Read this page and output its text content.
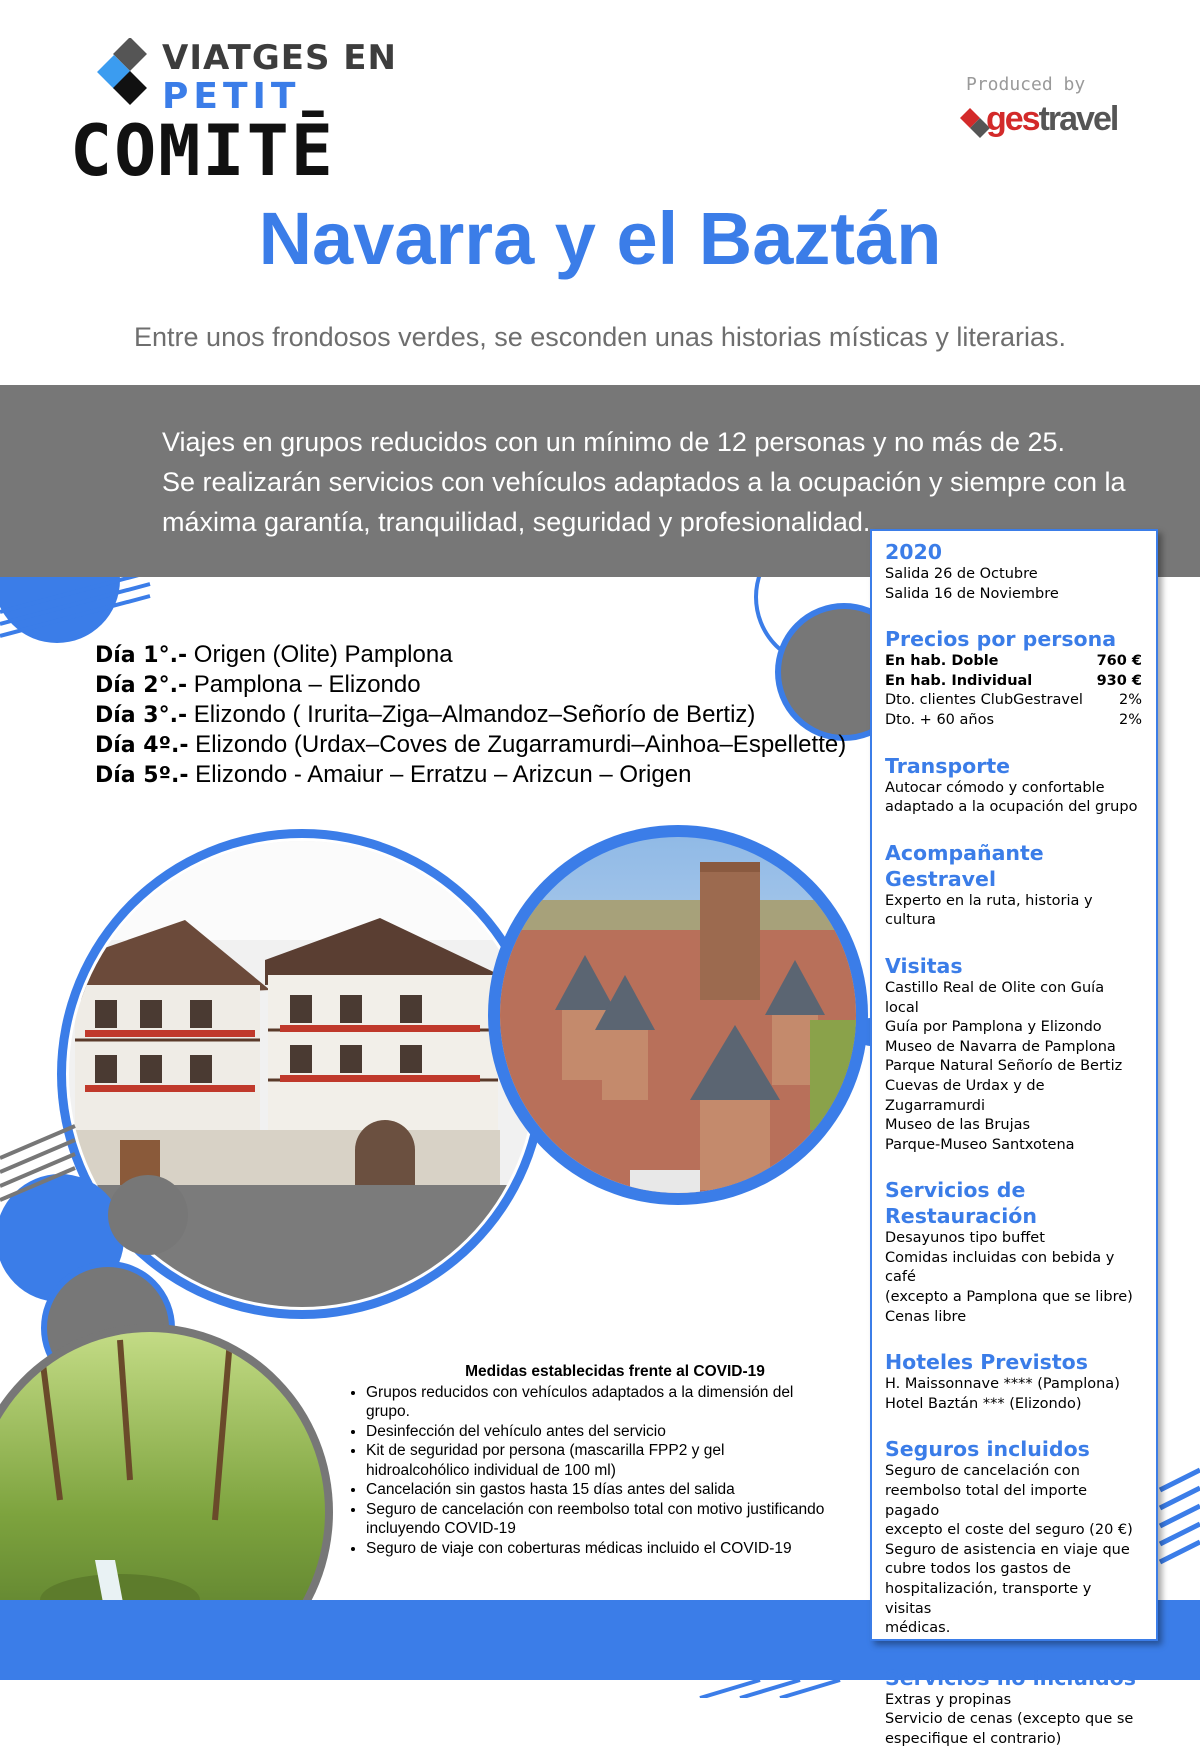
VIATGES EN
PETIT
COMITĒ
Produced by
gestravel
Navarra y el Baztán
Entre unos frondosos verdes, se esconden unas historias místicas y literarias.
Viajes en grupos reducidos con un mínimo de 12 personas y no más de 25.
Se realizarán servicios con vehículos adaptados a la ocupación y siempre con la
máxima garantía, tranquilidad, seguridad y profesionalidad.
Día 1°.- Origen (Olite) Pamplona
Día 2°.- Pamplona – Elizondo
Día 3°.- Elizondo ( Irurita–Ziga–Almandoz–Señorío de Bertiz)
Día 4º.- Elizondo (Urdax–Coves de Zugarramurdi–Ainhoa–Espellette)
Día 5º.- Elizondo - Amaiur – Erratzu – Arizcun – Origen

2020

Salida 26 de Octubre

Salida 16 de Noviembre

Precios por persona

En hab. Doble	760 €
En hab. Individual	930 €
Dto. clientes ClubGestravel 2%
Dto. + 60 años	2%

Transporte

Autocar cómodo y confortable

adaptado a la ocupación del grupo

Acompañante

Gestravel

Experto en la ruta, historia y cultura

Visitas

Castillo Real de Olite con Guía local

Guía por Pamplona y Elizondo

Museo de Navarra de Pamplona

Parque Natural Señorío de Bertiz

Cuevas de Urdax y de Zugarramurdi

Museo de las Brujas

Parque-Museo Santxotena

Servicios de

Restauración

Desayunos tipo buffet

Comidas incluidas con bebida y café

(excepto a Pamplona que se libre)

Cenas libre

Hoteles Previstos

H. Maissonnave **** (Pamplona)

Hotel Baztán *** (Elizondo)

Seguros incluidos

Seguro de cancelación con

reembolso total del importe pagado

excepto el coste del seguro (20 €)

Seguro de asistencia en viaje que

cubre todos los gastos de

hospitalización, transporte y visitas

médicas.

Servicios no incluidos

Extras y propinas

Servicio de cenas (excepto que se

especifique el contrario)

Medidas establecidas frente al COVID-19

• Grupos reducidos con vehículos adaptados a la dimensión del grupo.
• Desinfección del vehículo antes del servicio
• Kit de seguridad por persona (mascarilla FPP2 y gel hidroalcohólico individual de 100 ml)
• Cancelación sin gastos hasta 15 días antes del salida
• Seguro de cancelación con reembolso total con motivo justificando incluyendo COVID-19
• Seguro de viaje con coberturas médicas incluido el COVID-19
